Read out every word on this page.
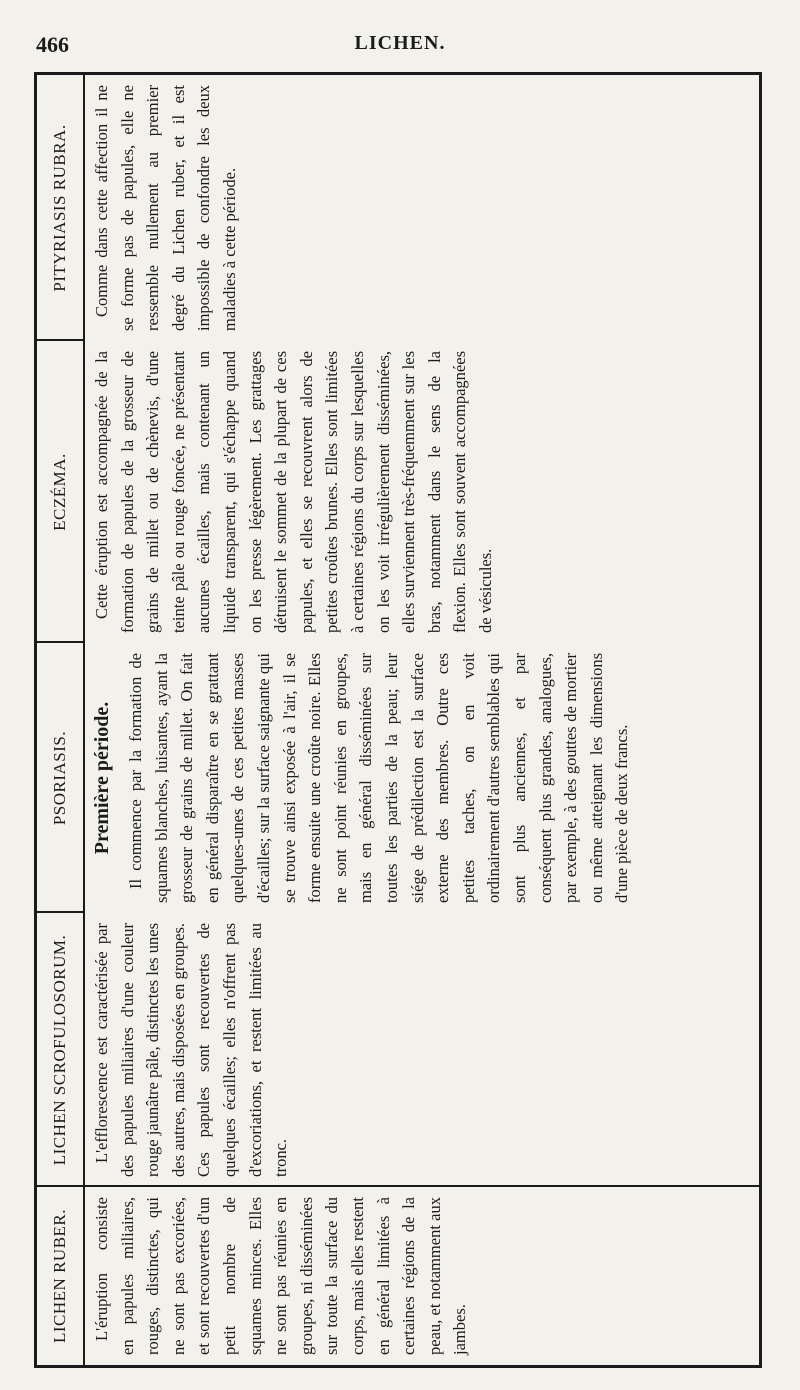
466	LICHEN.
LICHEN RUBER.
LICHEN SCROFULOSORUM.
PSORIASIS.
ECZÉMA.
PITYRIASIS RUBRA.
Première période.
L'éruption consiste en papules miliaires, rouges, distinctes, qui ne sont pas excoriées, et sont recouvertes d'un petit nombre de squames minces. Elles ne sont pas réunies en groupes, ni disséminées sur toute la surface du corps, mais elles restent en général limitées à certaines régions de la peau, et notamment aux jambes.
L'efflorescence est caractérisée par des papules miliaires d'une couleur rouge jaunâtre pâle, distinctes les unes des autres, mais disposées en groupes. Ces papules sont recouvertes de quelques écailles; elles n'offrent pas d'excoriations, et restent limitées au tronc.
Il commence par la formation de squames blanches, luisantes, ayant la grosseur de grains de millet. On fait en général disparaître en se grattant quelques-unes de ces petites masses d'écailles; sur la surface saignante qui se trouve ainsi exposée à l'air, il se forme ensuite une croûte noire. Elles ne sont point réunies en groupes, mais en général disséminées sur toutes les parties de la peau; leur siége de prédilection est la surface externe des membres. Outre ces petites taches, on en voit ordinairement d'autres semblables qui sont plus anciennes, et par conséquent plus grandes, analogues, par exemple, à des gouttes de mortier ou même atteignant les dimensions d'une pièce de deux francs.
Cette éruption est accompagnée de la formation de papules de la grosseur de grains de millet ou de chènevis, d'une teinte pâle ou rouge foncée, ne présentant aucunes écailles, mais contenant un liquide transparent, qui s'échappe quand on les presse légèrement. Les grattages détruisent le sommet de la plupart de ces papules, et elles se recouvrent alors de petites croûtes brunes. Elles sont limitées à certaines régions du corps sur lesquelles on les voit irrégulièrement disséminées, elles surviennent très-fréquemment sur les bras, notamment dans le sens de la flexion. Elles sont souvent accompagnées de vésicules.
Comme dans cette affection il ne se forme pas de papules, elle ne ressemble nullement au premier degré du Lichen ruber, et il est impossible de confondre les deux maladies à cette période.
